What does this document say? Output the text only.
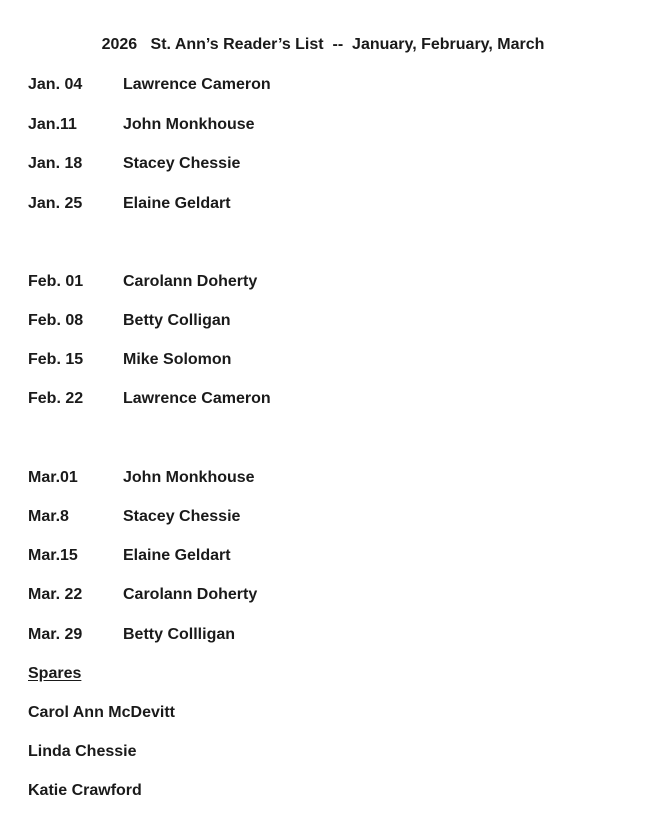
2026   St. Ann’s Reader’s List  --  January, February, March
Jan. 04	Lawrence Cameron
Jan.11	John Monkhouse
Jan. 18	Stacey Chessie
Jan. 25	Elaine Geldart
Feb. 01 Carolann Doherty
Feb. 08 Betty Colligan
Feb. 15 Mike Solomon
Feb. 22 Lawrence Cameron
Mar.01	John Monkhouse
Mar.8	Stacey Chessie
Mar.15	Elaine Geldart
Mar. 22	Carolann Doherty
Mar. 29	Betty Collligan
Spares
Carol Ann McDevitt
Linda Chessie
Katie Crawford
